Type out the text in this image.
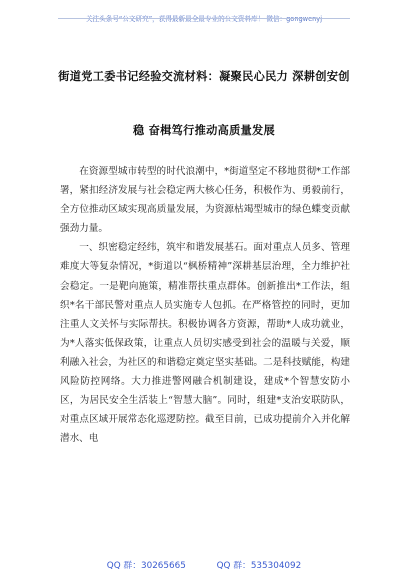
关注头条号“公文研究”，获得最新最全最专业的公文资料库！ 微信：gongwenyj
街道党工委书记经验交流材料：凝聚民心民力 深耕创安创
稳 奋楫笃行推动高质量发展

在资源型城市转型的时代浪潮中，*街道坚定不移地贯彻*工作部署，紧扣经济发展与社会稳定两大核心任务，积极作为、勇毅前行，全方位推动区域实现高质量发展，为资源枯竭型城市的绿色蝶变贡献强劲力量。

一、织密稳定经纬，筑牢和谐发展基石。面对重点人员多、管理难度大等复杂情况，*街道以“枫桥精神”深耕基层治理，全力维护社会稳定。一是靶向施策，精准帮扶重点群体。创新推出*工作法，组织*名干部民警对重点人员实施专人包抓。在严格管控的同时，更加注重人文关怀与实际帮扶。积极协调各方资源，帮助*人成功就业，为*人落实低保政策，让重点人员切实感受到社会的温暖与关爱，顺利融入社会，为社区的和谐稳定奠定坚实基础。二是科技赋能，构建风险防控网络。大力推进警网融合机制建设，建成*个智慧安防小区，为居民安全生活装上“智慧大脑”。同时，组建*支治安联防队，对重点区域开展常态化巡逻防控。截至目前，已成功提前介入并化解潜水、电

QQ 群：30265665	QQ 群：535304092
